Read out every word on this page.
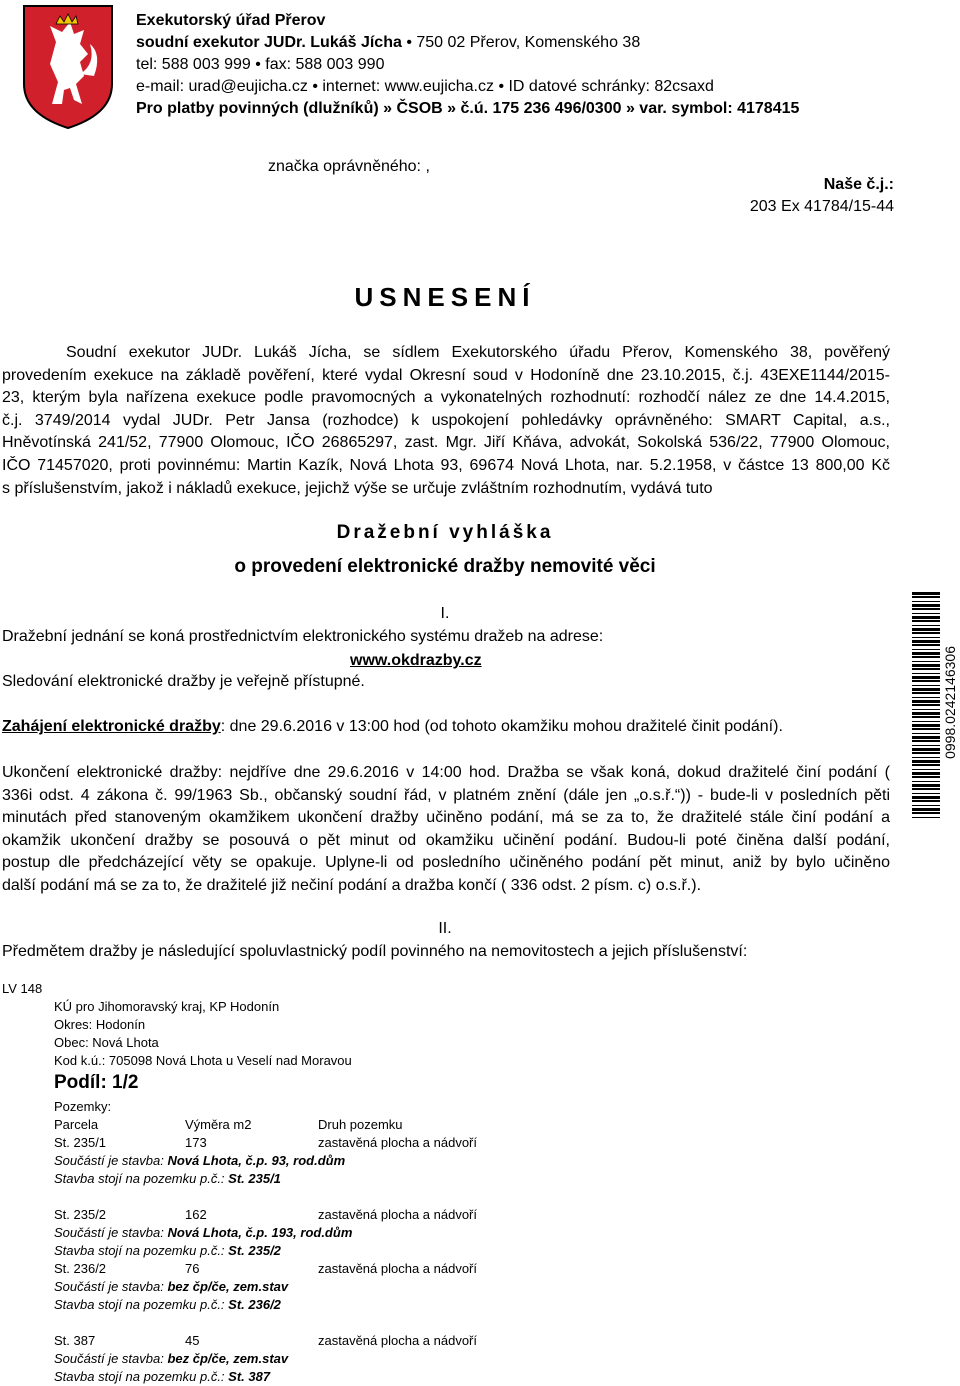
Exekutorský úřad Přerov
soudní exekutor JUDr. Lukáš Jícha • 750 02 Přerov, Komenského 38
tel: 588 003 999 • fax: 588 003 990
e-mail: urad@eujicha.cz • internet: www.eujicha.cz • ID datové schránky: 82csaxd
Pro platby povinných (dlužníků) » ČSOB » č.ú. 175 236 496/0300 » var. symbol: 4178415
značka oprávněného: ,
Naše č.j.:
203 Ex 41784/15-44
USNESENÍ
Soudní exekutor JUDr. Lukáš Jícha, se sídlem Exekutorského úřadu Přerov, Komenského 38, pověřený
provedením exekuce na základě pověření, které vydal Okresní soud v Hodoníně dne 23.10.2015, č.j. 43EXE1144/2015-
23, kterým byla nařízena exekuce podle pravomocných a vykonatelných rozhodnutí: rozhodčí nález ze dne 14.4.2015,
č.j. 3749/2014 vydal JUDr. Petr Jansa (rozhodce) k uspokojení pohledávky oprávněného: SMART Capital, a.s.,
Hněvotínská 241/52, 77900 Olomouc, IČO 26865297, zast. Mgr. Jiří Kňáva, advokát, Sokolská 536/22, 77900 Olomouc,
IČO 71457020, proti povinnému: Martin Kazík, Nová Lhota 93, 69674 Nová Lhota, nar. 5.2.1958, v částce 13 800,00 Kč
s příslušenstvím, jakož i nákladů exekuce, jejichž výše se určuje zvláštním rozhodnutím, vydává tuto
Dražební vyhláška
o provedení elektronické dražby nemovité věci
I.
Dražební jednání se koná prostřednictvím elektronického systému dražeb na adrese:
www.okdrazby.cz
Sledování elektronické dražby je veřejně přístupné.
Zahájení elektronické dražby: dne 29.6.2016 v 13:00 hod (od tohoto okamžiku mohou dražitelé činit podání).
Ukončení elektronické dražby: nejdříve dne 29.6.2016 v 14:00 hod. Dražba se však koná, dokud dražitelé činí podání (
336i odst. 4 zákona č. 99/1963 Sb., občanský soudní řád, v platném znění (dále jen „o.s.ř.“)) - bude-li v posledních pěti
minutách před stanoveným okamžikem ukončení dražby učiněno podání, má se za to, že dražitelé stále činí podání a
okamžik ukončení dražby se posouvá o pět minut od okamžiku učinění podání. Budou-li poté činěna další podání,
postup dle předcházející věty se opakuje. Uplyne-li od posledního učiněného podání pět minut, aniž by bylo učiněno
další podání má se za to, že dražitelé již nečiní podání a dražba končí ( 336 odst. 2 písm. c) o.s.ř.).
II.
Předmětem dražby je následující spoluvlastnický podíl povinného na nemovitostech a jejich příslušenství:
LV 148
KÚ pro Jihomoravský kraj, KP Hodonín
Okres: Hodonín
Obec: Nová Lhota
Kod k.ú.: 705098 Nová Lhota u Veselí nad Moravou
Podíl: 1/2
Pozemky:
Parcela	Výměra m2	Druh pozemku
St. 235/1	173	zastavěná plocha a nádvoří
Součástí je stavba: Nová Lhota, č.p. 93, rod.dům
Stavba stojí na pozemku p.č.: St. 235/1
St. 235/2	162	zastavěná plocha a nádvoří
Součástí je stavba: Nová Lhota, č.p. 193, rod.dům
Stavba stojí na pozemku p.č.: St. 235/2
St. 236/2	76	zastavěná plocha a nádvoří
Součástí je stavba: bez čp/če, zem.stav
Stavba stojí na pozemku p.č.: St. 236/2
St. 387	45	zastavěná plocha a nádvoří
Součástí je stavba: bez čp/če, zem.stav
Stavba stojí na pozemku p.č.: St. 387
0998.0242146306
